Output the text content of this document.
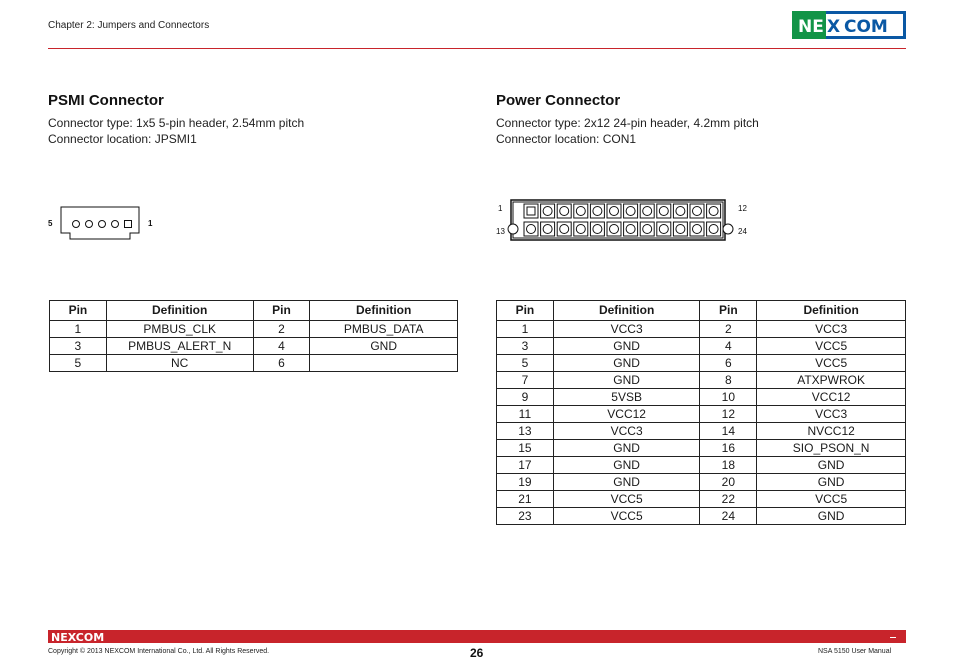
Chapter 2: Jumpers and Connectors	NE X COM
PSMI Connector
Connector type: 1x5 5-pin header, 2.54mm pitch
Connector location: JPSMI1
5	1
Pin	Definition	Pin	Definition
1	PMBUS_CLK	2	PMBUS_DATA
3	PMBUS_ALERT_N	4	GND
5	NC	6	
Power Connector
Connector type: 2x12 24-pin header, 4.2mm pitch
Connector location: CON1
1	12
13	24
Pin	Definition	Pin	Definition
1	VCC3	2	VCC3
3	GND	4	VCC5
5	GND	6	VCC5
7	GND	8	ATXPWROK
9	5VSB	10	VCC12
11	VCC12	12	VCC3
13	VCC3	14	NVCC12
15	GND	16	SIO_PSON_N
17	GND	18	GND
19	GND	20	GND
21	VCC5	22	VCC5
23	VCC5	24	GND
NEXCOM
Copyright © 2013 NEXCOM International Co., Ltd. All Rights Reserved.	26	NSA 5150 User Manual
